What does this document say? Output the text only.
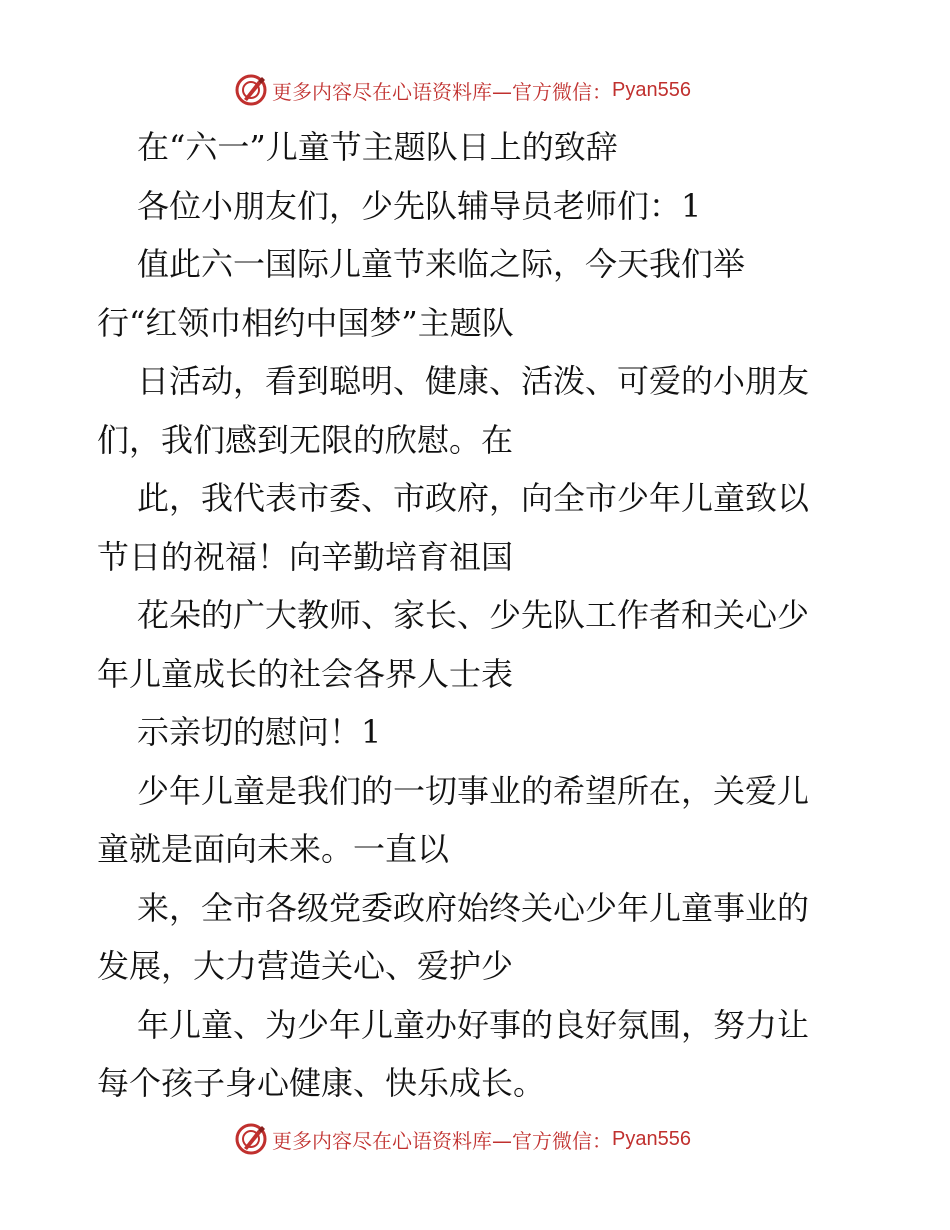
更多内容尽在心语资料库—官方微信： Pyan556
在“六一”儿童节主题队日上的致辞
各位小朋友们，少先队辅导员老师们：1
值此六一国际儿童节来临之际，今天我们举
行“红领巾相约中国梦”主题队
日活动，看到聪明、健康、活泼、可爱的小朋友
们，我们感到无限的欣慰。在
此，我代表市委、市政府，向全市少年儿童致以
节日的祝福！向辛勤培育祖国
花朵的广大教师、家长、少先队工作者和关心少
年儿童成长的社会各界人士表
示亲切的慰问！1
少年儿童是我们的一切事业的希望所在，关爱儿
童就是面向未来。一直以
来，全市各级党委政府始终关心少年儿童事业的
发展，大力营造关心、爱护少
年儿童、为少年儿童办好事的良好氛围，努力让
每个孩子身心健康、快乐成长。
更多内容尽在心语资料库—官方微信： Pyan556
